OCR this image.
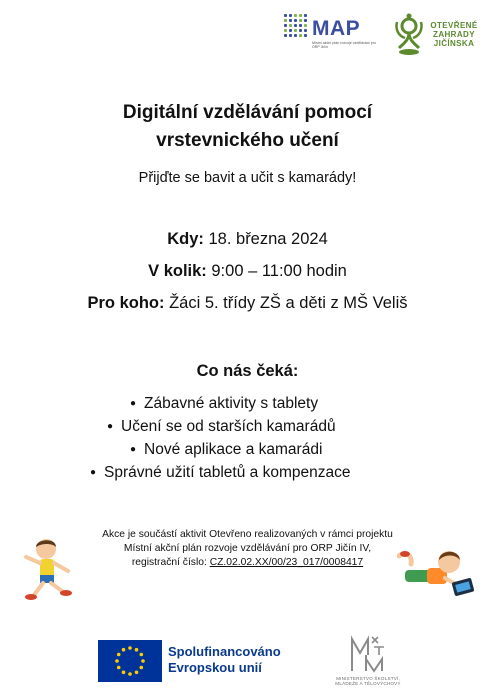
MAP
Místní akční plán rozvoje vzdělávání pro ORP Jičín
OTEVŘENÉ
ZAHRADY
JIČÍNSKA
Digitální vzdělávání pomocí
vrstevnického učení
Přijďte se bavit a učit s kamarády!
Kdy: 18. března 2024
V kolik: 9:00 – 11:00 hodin
Pro koho: Žáci 5. třídy ZŠ a děti z MŠ Veliš
Co nás čeká:
● Zábavné aktivity s tablety
● Učení se od starších kamarádů
● Nové aplikace a kamarádi
● Správné užití tabletů a kompenzace
Akce je součástí aktivit Otevřeno realizovaných v rámci projektu
Místní akční plán rozvoje vzdělávání pro ORP Jičín IV,
registrační číslo: CZ.02.02.XX/00/23_017/0008417
Spolufinancováno
Evropskou unií
MINISTERSTVO ŠKOLSTVÍ,
MLÁDEŽE A TĚLOVÝCHOVY
